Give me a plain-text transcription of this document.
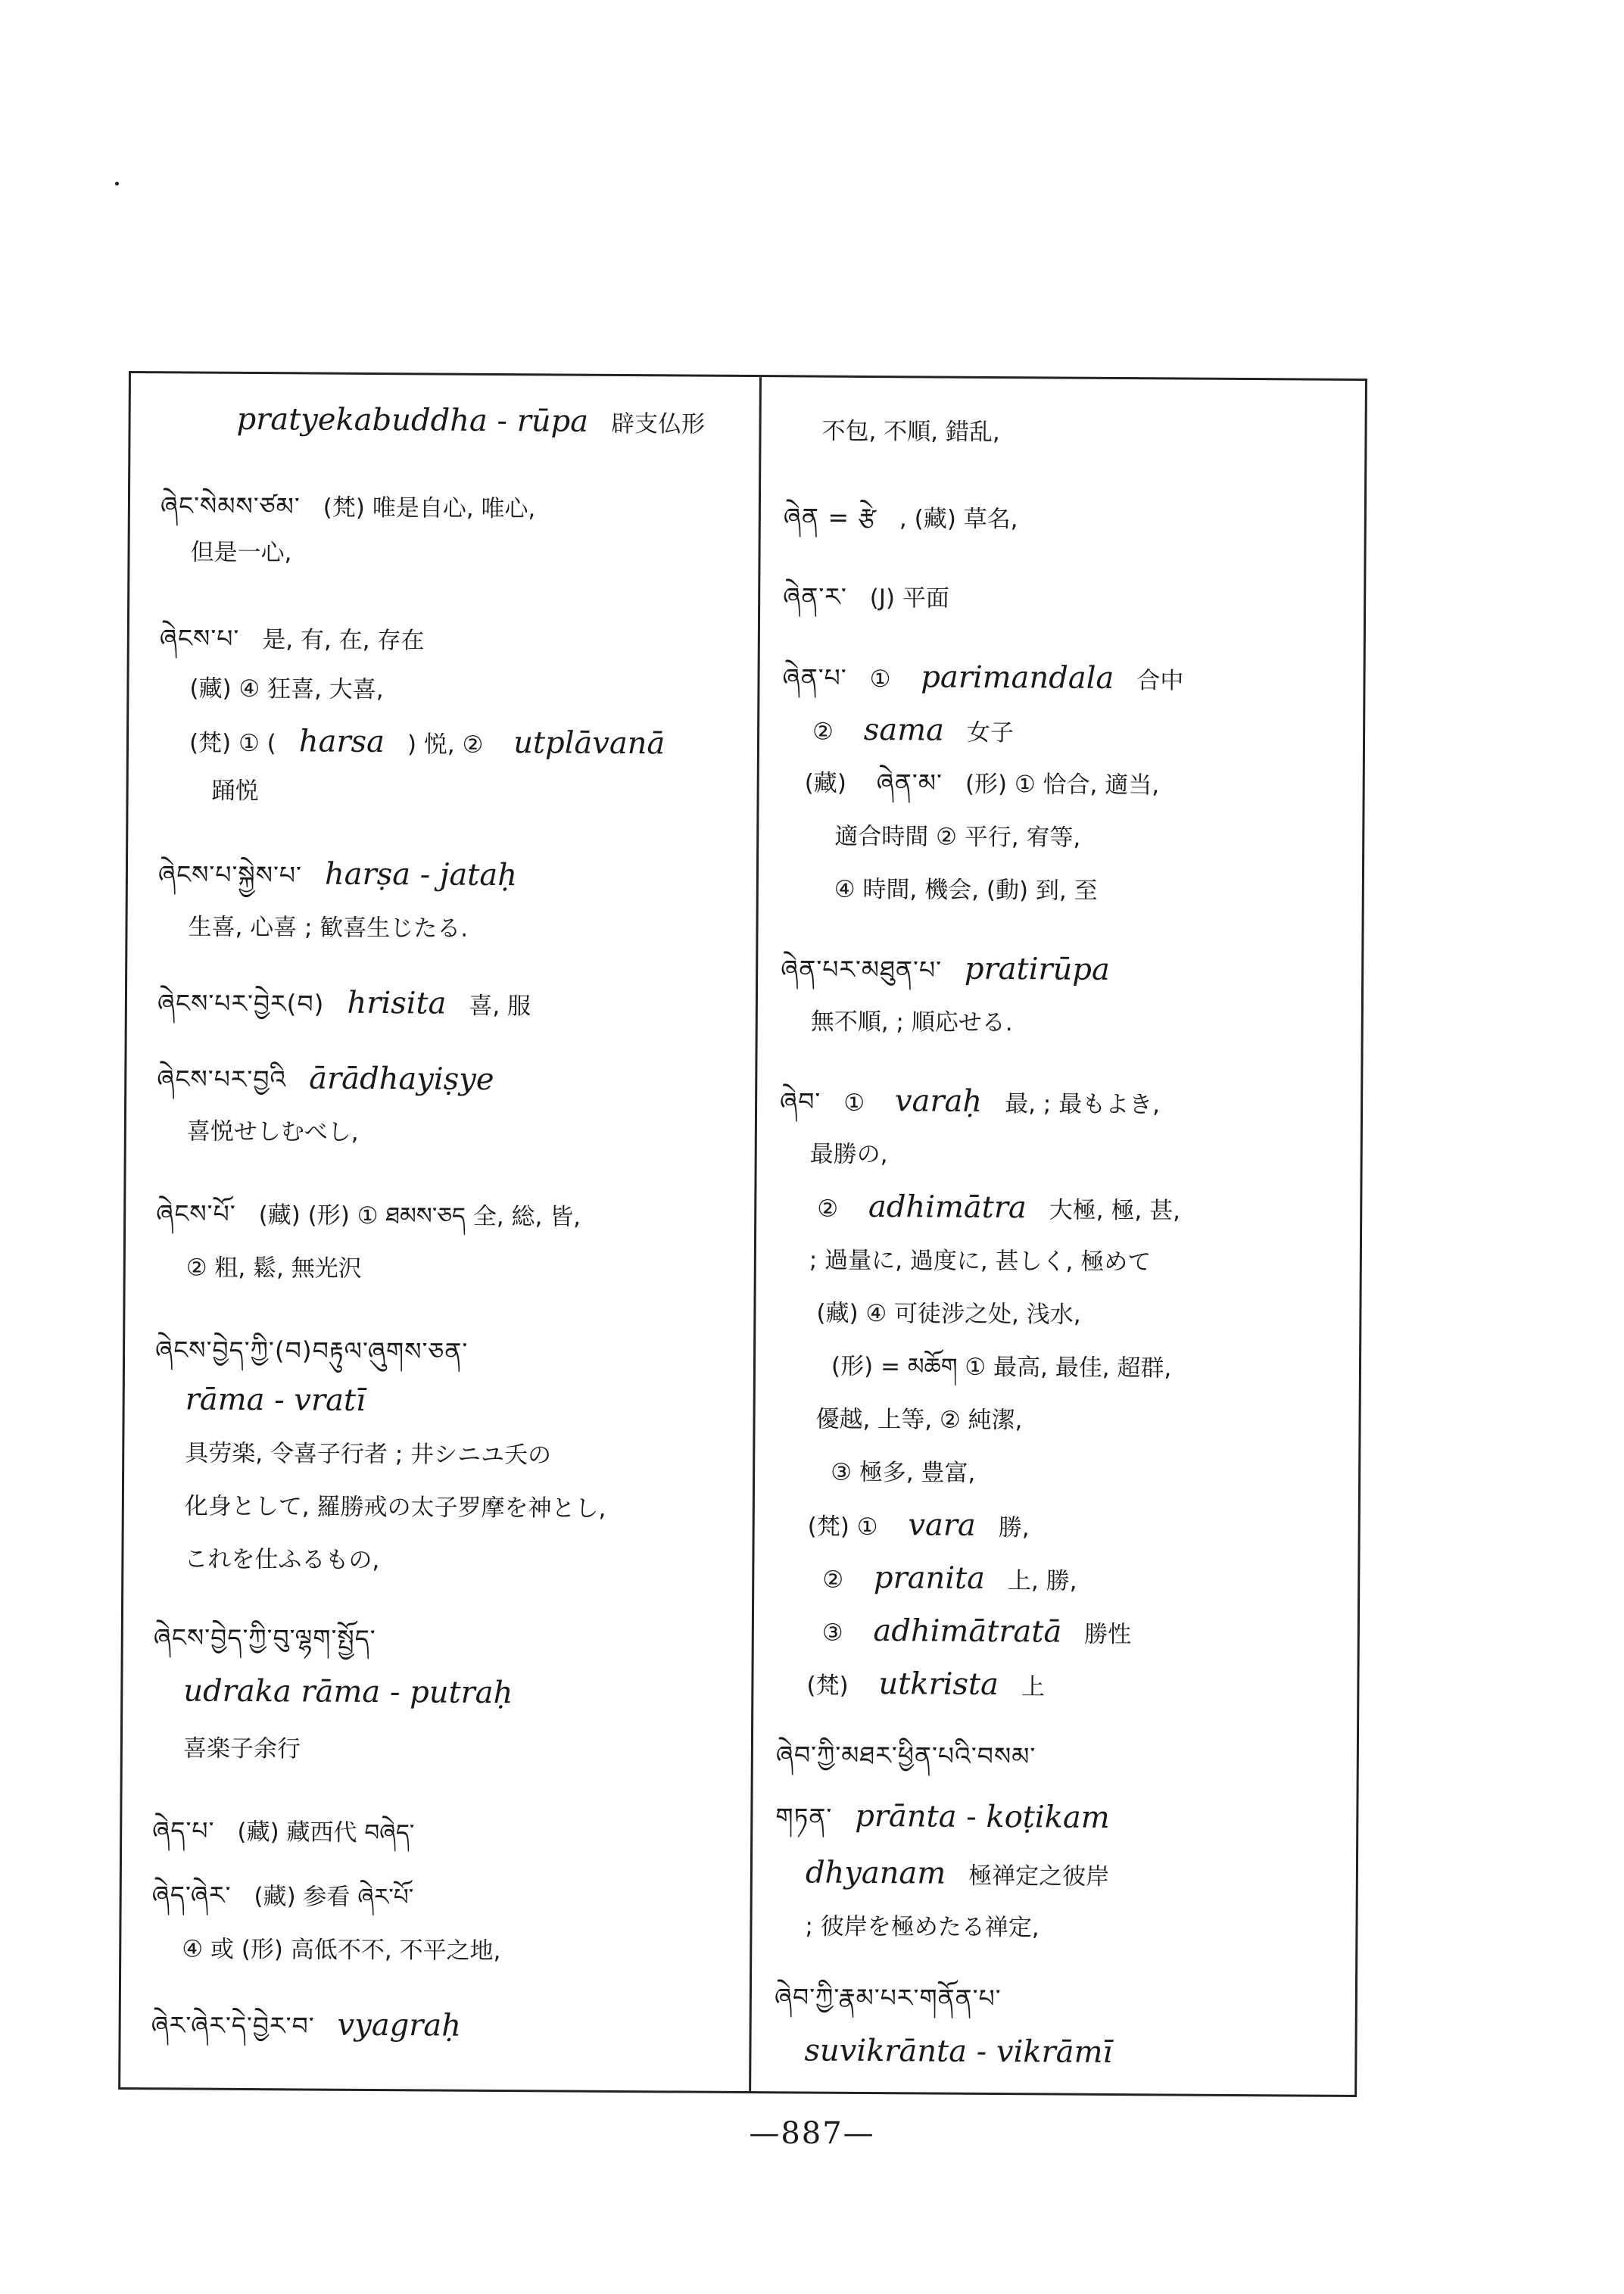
pratyekabuddha - rūpa 辟支仏形
ཞེང་སེམས་ཙམ་ (梵) 唯是自心, 唯心,
但是一心,
ཞེངས་པ་ 是, 有, 在, 存在
(藏) ④ 狂喜, 大喜,
(梵) ① ( harsa ) 悦, ② utplāvanā
踊悦
ཞེངས་པ་སྐྱེས་པ་ harṣa - jataḥ
生喜, 心喜 ; 歓喜生じたる.
ཞེངས་པར་བྱེར(བ) hrisita 喜, 服
ཞེངས་པར་བྱའི ārādhayiṣye
喜悦せしむべし,
ཞེངས་པོ་ (藏) (形) ① ཐམས་ཅད 全, 総, 皆,
② 粗, 鬆, 無光沢
ཞེངས་བྱེད་ཀྱི་(བ)བརྟུལ་ཞུགས་ཅན་
rāma - vratī
具劳楽, 令喜子行者 ; 井シニユ夭の
化身として, 羅勝戒の太子罗摩を神とし,
これを仕ふるもの,
ཞེངས་བྱེད་ཀྱི་བུ་ལྷག་སྤྱོད་
udraka rāma - putraḥ
喜楽子余行
ཞེད་པ་ (藏) 藏西代 བཞེད་
ཞེད་ཞེར་ (藏) 参看 ཞེར་པོ་
④ 或 (形) 高低不不, 不平之地,
ཞེར་ཞེར་དེ་བྱེར་བ་ vyagraḥ
不包, 不順, 錯乱,
ཞེན = རྩེ , (藏) 草名,
ཞེན་ར་ (J) 平面
ཞེན་པ་ ① parimandala 合中
② sama 女子
(藏) ཞེན་མ་ (形) ① 恰合, 適当,
適合時間 ② 平行, 宥等,
④ 時間, 機会, (動) 到, 至
ཞེན་པར་མཐུན་པ་ pratirūpa
無不順, ; 順応せる.
ཞེབ་ ① varaḥ 最, ; 最もよき,
最勝の,
② adhimātra 大極, 極, 甚,
; 過量に, 過度に, 甚しく, 極めて
(藏) ④ 可徒涉之处, 浅水,
(形) = མཆོག ① 最高, 最佳, 超群,
優越, 上等, ② 純潔,
③ 極多, 豊富,
(梵) ① vara 勝,
② pranita 上, 勝,
③ adhimātratā 勝性
(梵) utkrista 上
ཞེབ་ཀྱི་མཐར་ཕྱིན་པའི་བསམ་
གཏན་ prānta - koṭikam
dhyanam 極禅定之彼岸
; 彼岸を極めたる禅定,
ཞེབ་ཀྱི་རྣམ་པར་གནོན་པ་
suvikrānta - vikrāmī
—887—
